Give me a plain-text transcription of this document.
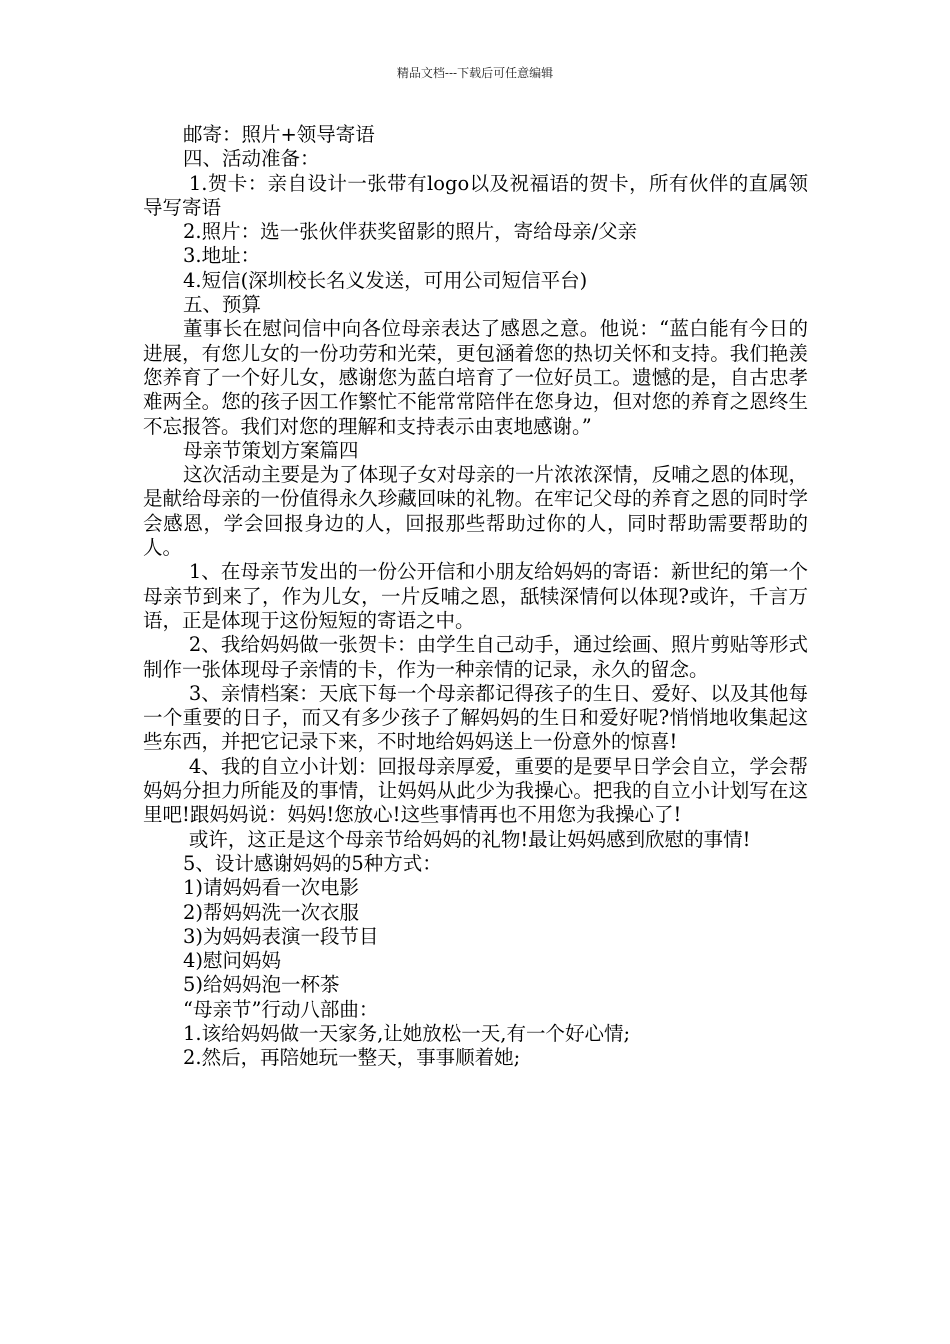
精品文档---下载后可任意编辑

邮寄：照片+领导寄语

四、活动准备：

1.贺卡：亲自设计一张带有logo以及祝福语的贺卡，所有伙伴的直属领导写寄语

2.照片：选一张伙伴获奖留影的照片，寄给母亲/父亲

3.地址：

4.短信(深圳校长名义发送，可用公司短信平台)

五、预算

董事长在慰问信中向各位母亲表达了感恩之意。他说：“蓝白能有今日的进展，有您儿女的一份功劳和光荣，更包涵着您的热切关怀和支持。我们艳羡您养育了一个好儿女，感谢您为蓝白培育了一位好员工。遗憾的是，自古忠孝难两全。您的孩子因工作繁忙不能常常陪伴在您身边，但对您的养育之恩终生不忘报答。我们对您的理解和支持表示由衷地感谢。”

母亲节策划方案篇四

这次活动主要是为了体现子女对母亲的一片浓浓深情，反哺之恩的体现，是献给母亲的一份值得永久珍藏回味的礼物。在牢记父母的养育之恩的同时学会感恩，学会回报身边的人，回报那些帮助过你的人，同时帮助需要帮助的人。

1、在母亲节发出的一份公开信和小朋友给妈妈的寄语：新世纪的第一个母亲节到来了，作为儿女，一片反哺之恩，舐犊深情何以体现?或许，千言万语，正是体现于这份短短的寄语之中。

2、我给妈妈做一张贺卡：由学生自己动手，通过绘画、照片剪贴等形式制作一张体现母子亲情的卡，作为一种亲情的记录，永久的留念。

3、亲情档案：天底下每一个母亲都记得孩子的生日、爱好、以及其他每一个重要的日子，而又有多少孩子了解妈妈的生日和爱好呢?悄悄地收集起这些东西，并把它记录下来，不时地给妈妈送上一份意外的惊喜!

4、我的自立小计划：回报母亲厚爱，重要的是要早日学会自立，学会帮妈妈分担力所能及的事情，让妈妈从此少为我操心。把我的自立小计划写在这里吧!跟妈妈说：妈妈!您放心!这些事情再也不用您为我操心了!

或许，这正是这个母亲节给妈妈的礼物!最让妈妈感到欣慰的事情!

5、设计感谢妈妈的5种方式：

1)请妈妈看一次电影

2)帮妈妈洗一次衣服

3)为妈妈表演一段节目

4)慰问妈妈

5)给妈妈泡一杯茶

“母亲节”行动八部曲：

1.该给妈妈做一天家务,让她放松一天,有一个好心情;

2.然后，再陪她玩一整天，事事顺着她;
